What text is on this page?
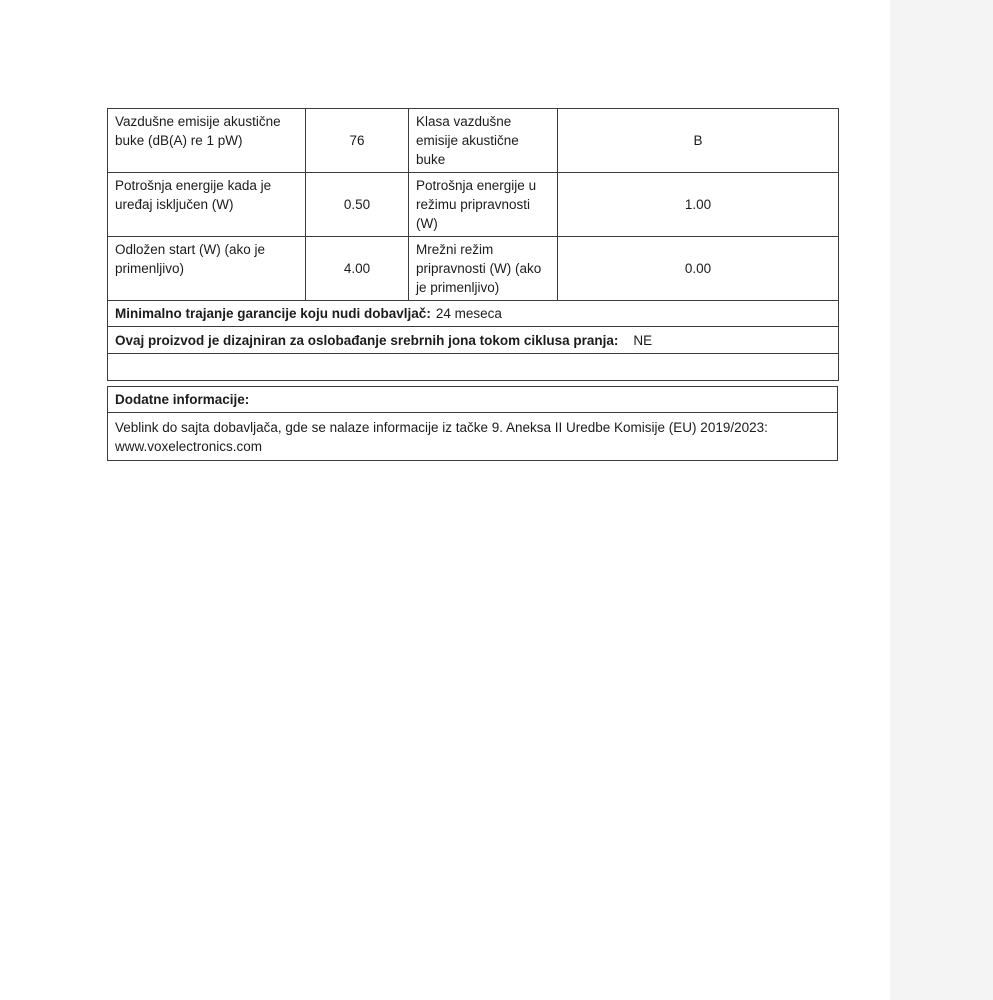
Vazdušne emisije akustične buke (dB(A) re 1 pW)	76	Klasa vazdušne emisije akustične buke	B
Potrošnja energije kada je uređaj isključen (W)	0.50	Potrošnja energije u režimu pripravnosti (W)	1.00
Odložen start (W) (ako je primenljivo)	4.00	Mrežni režim pripravnosti (W) (ako je primenljivo)	0.00
Minimalno trajanje garancije koju nudi dobavljač: 24 meseca			
Ovaj proizvod je dizajniran za oslobađanje srebrnih jona tokom ciklusa pranja: NE			

Dodatne informacije:

Veblink do sajta dobavljača, gde se nalaze informacije iz tačke 9. Aneksa II Uredbe Komisije (EU) 2019/2023:
www.voxelectronics.com
